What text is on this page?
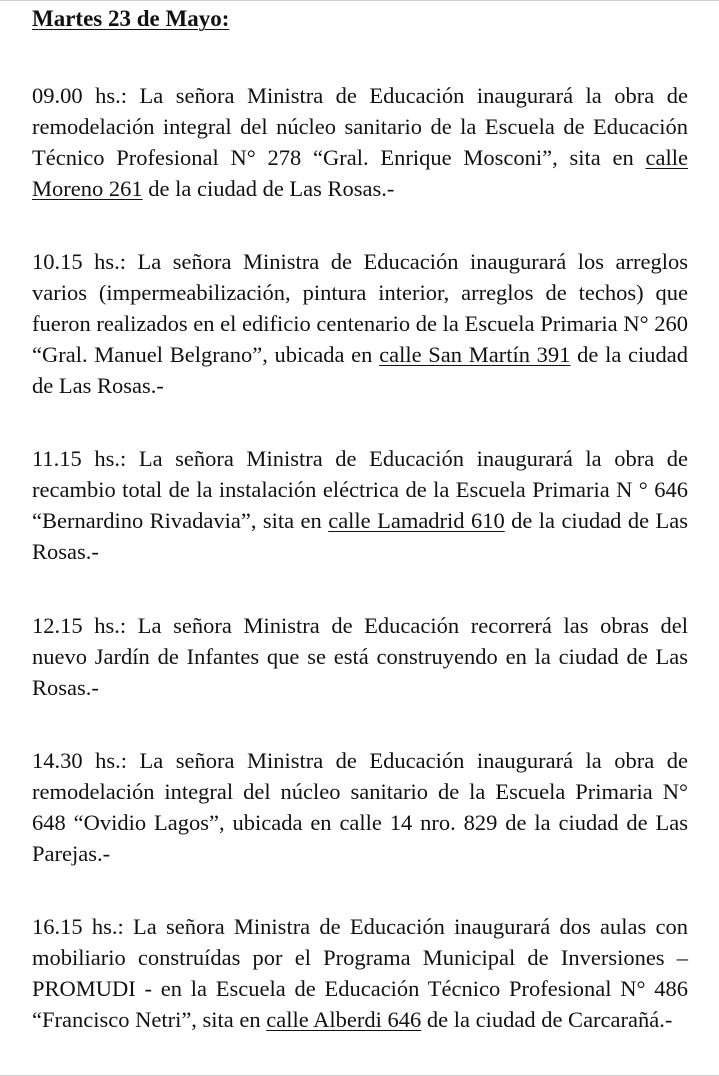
Martes 23 de Mayo:

09.00 hs.: La señora Ministra de Educación inaugurará la obra de remodelación integral del núcleo sanitario de la Escuela de Educación Técnico Profesional N° 278 “Gral. Enrique Mosconi”, sita en calle Moreno 261 de la ciudad de Las Rosas.-

10.15 hs.: La señora Ministra de Educación inaugurará los arreglos varios (impermeabilización, pintura interior, arreglos de techos) que fueron realizados en el edificio centenario de la Escuela Primaria N° 260 “Gral. Manuel Belgrano”, ubicada en calle San Martín 391 de la ciudad de Las Rosas.-

11.15 hs.: La señora Ministra de Educación inaugurará la obra de recambio total de la instalación eléctrica de la Escuela Primaria N ° 646 “Bernardino Rivadavia”, sita en calle Lamadrid 610 de la ciudad de Las Rosas.-

12.15 hs.: La señora Ministra de Educación recorrerá las obras del nuevo Jardín de Infantes que se está construyendo en la ciudad de Las Rosas.-

14.30 hs.: La señora Ministra de Educación inaugurará la obra de remodelación integral del núcleo sanitario de la Escuela Primaria N° 648 “Ovidio Lagos”, ubicada en calle 14 nro. 829 de la ciudad de Las Parejas.-

16.15 hs.: La señora Ministra de Educación inaugurará dos aulas con mobiliario construídas por el Programa Municipal de Inversiones – PROMUDI - en la Escuela de Educación Técnico Profesional N° 486 “Francisco Netri”, sita en calle Alberdi 646 de la ciudad de Carcarañá.-
